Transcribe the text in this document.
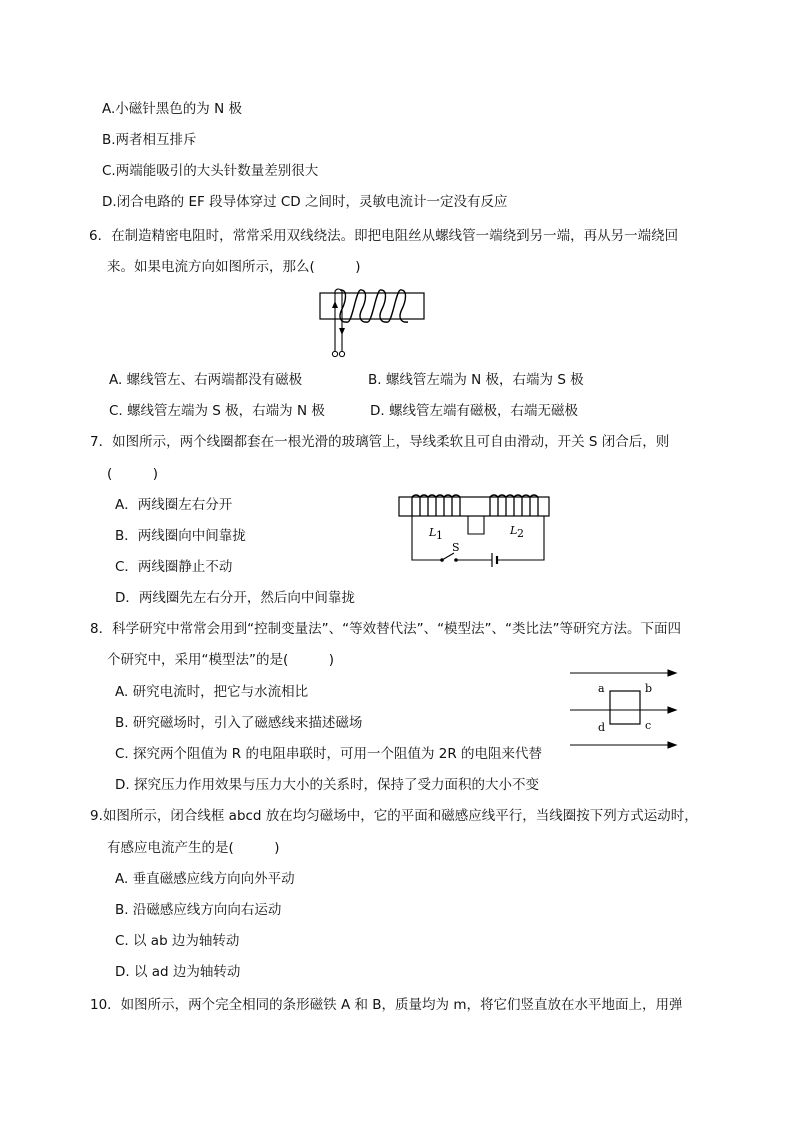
A.小磁针黑色的为 N 极
B.两者相互排斥
C.两端能吸引的大头针数量差别很大
D.闭合电路的 EF 段导体穿过 CD 之间时，灵敏电流计一定没有反应
6．在制造精密电阻时，常常采用双线绕法。即把电阻丝从螺线管一端绕到另一端，再从另一端绕回
来。如果电流方向如图所示，那么(　　　)
A. 螺线管左、右两端都没有磁极	B. 螺线管左端为 N 极，右端为 S 极
C. 螺线管左端为 S 极，右端为 N 极	D. 螺线管左端有磁极，右端无磁极
7．如图所示，两个线圈都套在一根光滑的玻璃管上，导线柔软且可自由滑动，开关 S 闭合后，则
(　　　)
A．两线圈左右分开
B．两线圈向中间靠拢
C．两线圈静止不动
D．两线圈先左右分开，然后向中间靠拢
L 1	L 2
S
8．科学研究中常常会用到“控制变量法”、“等效替代法”、“模型法”、“类比法”等研究方法。下面四
个研究中，采用“模型法”的是(　　　)
A. 研究电流时，把它与水流相比
B. 研究磁场时，引入了磁感线来描述磁场
C. 探究两个阻值为 R 的电阻串联时，可用一个阻值为 2R 的电阻来代替
D. 探究压力作用效果与压力大小的关系时，保持了受力面积的大小不变
a	b
c
d
9.如图所示，闭合线框 abcd 放在均匀磁场中，它的平面和磁感应线平行，当线圈按下列方式运动时，
有感应电流产生的是(　　　)
A. 垂直磁感应线方向向外平动
B. 沿磁感应线方向向右运动
C. 以 ab 边为轴转动
D. 以 ad 边为轴转动
10．如图所示，两个完全相同的条形磁铁 A 和 B，质量均为 m，将它们竖直放在水平地面上，用弹
